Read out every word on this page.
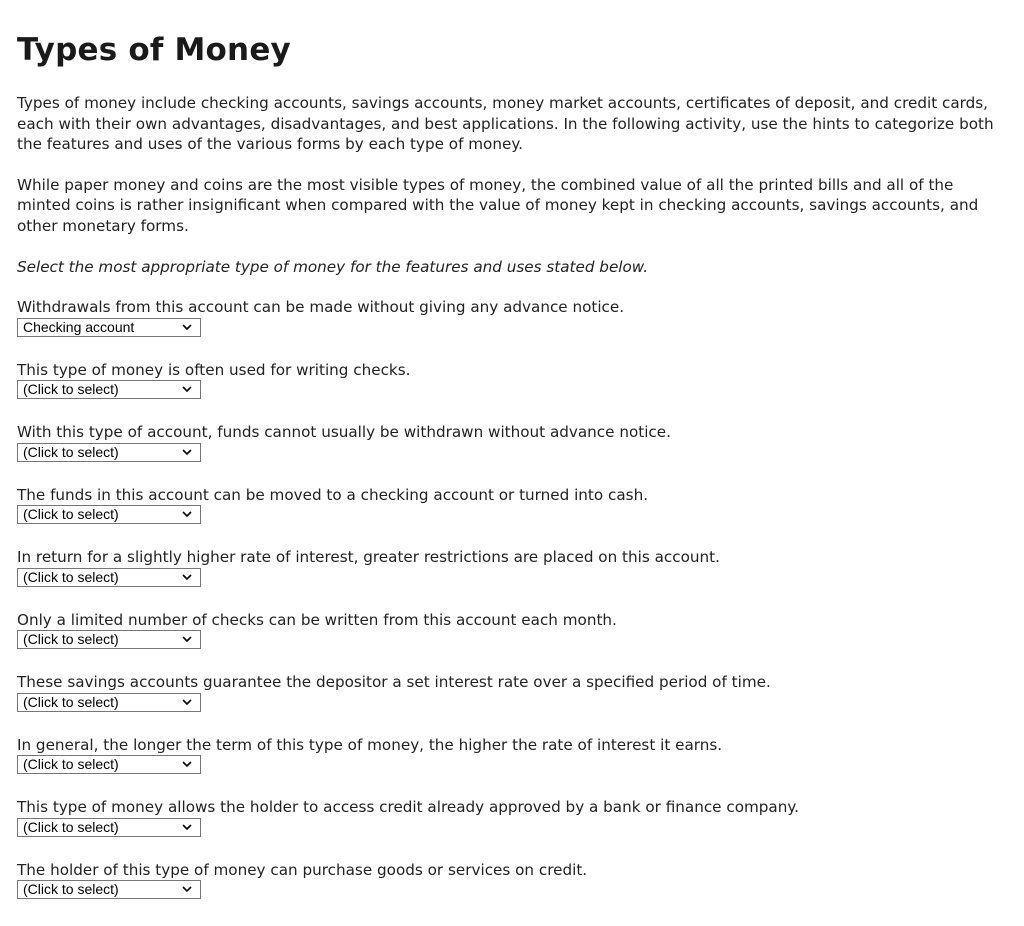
Types of Money

Types of money include checking accounts, savings accounts, money market accounts, certificates of deposit, and credit cards, each with their own advantages, disadvantages, and best applications. In the following activity, use the hints to categorize both the features and uses of the various forms by each type of money.

While paper money and coins are the most visible types of money, the combined value of all the printed bills and all of the minted coins is rather insignificant when compared with the value of money kept in checking accounts, savings accounts, and other monetary forms.

Select the most appropriate type of money for the features and uses stated below.

Withdrawals from this account can be made without giving any advance notice.
Checking account
This type of money is often used for writing checks.
(Click to select)
With this type of account, funds cannot usually be withdrawn without advance notice.
(Click to select)
The funds in this account can be moved to a checking account or turned into cash.
(Click to select)
In return for a slightly higher rate of interest, greater restrictions are placed on this account.
(Click to select)
Only a limited number of checks can be written from this account each month.
(Click to select)
These savings accounts guarantee the depositor a set interest rate over a specified period of time.
(Click to select)
In general, the longer the term of this type of money, the higher the rate of interest it earns.
(Click to select)
This type of money allows the holder to access credit already approved by a bank or finance company.
(Click to select)
The holder of this type of money can purchase goods or services on credit.
(Click to select)
